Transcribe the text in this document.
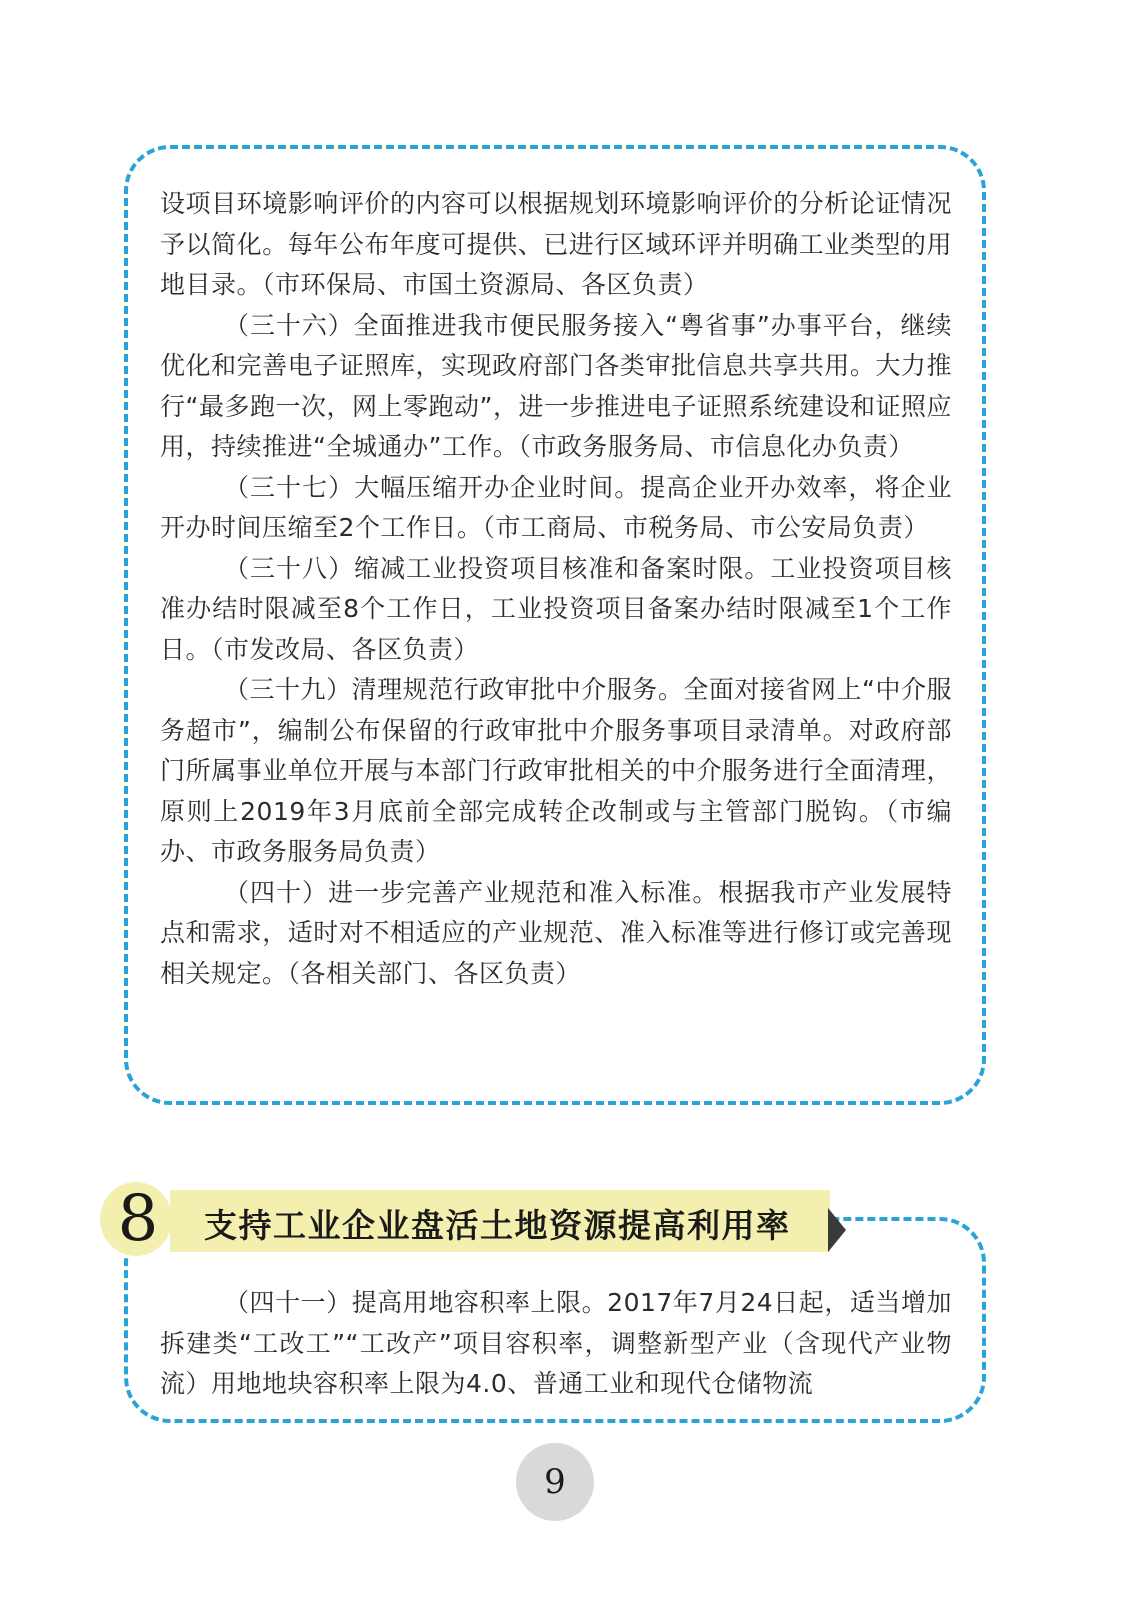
设项目环境影响评价的内容可以根据规划环境影响评价的分析论证情况予以简化。每年公布年度可提供、已进行区域环评并明确工业类型的用地目录。（市环保局、市国土资源局、各区负责）

（三十六）全面推进我市便民服务接入“粤省事”办事平台，继续优化和完善电子证照库，实现政府部门各类审批信息共享共用。大力推行“最多跑一次，网上零跑动”，进一步推进电子证照系统建设和证照应用，持续推进“全城通办”工作。（市政务服务局、市信息化办负责）

（三十七）大幅压缩开办企业时间。提高企业开办效率，将企业开办时间压缩至2个工作日。（市工商局、市税务局、市公安局负责）

（三十八）缩减工业投资项目核准和备案时限。工业投资项目核准办结时限减至8个工作日，工业投资项目备案办结时限减至1个工作日。（市发改局、各区负责）

（三十九）清理规范行政审批中介服务。全面对接省网上“中介服务超市”，编制公布保留的行政审批中介服务事项目录清单。对政府部门所属事业单位开展与本部门行政审批相关的中介服务进行全面清理，原则上2019年3月底前全部完成转企改制或与主管部门脱钩。（市编办、市政务服务局负责）

（四十）进一步完善产业规范和准入标准。根据我市产业发展特点和需求，适时对不相适应的产业规范、准入标准等进行修订或完善现相关规定。（各相关部门、各区负责）

（四十一）提高用地容积率上限。2017年7月24日起，适当增加拆建类“工改工”“工改产”项目容积率，调整新型产业（含现代产业物流）用地地块容积率上限为4.0、普通工业和现代仓储物流

8	支持工业企业盘活土地资源提高利用率
9
